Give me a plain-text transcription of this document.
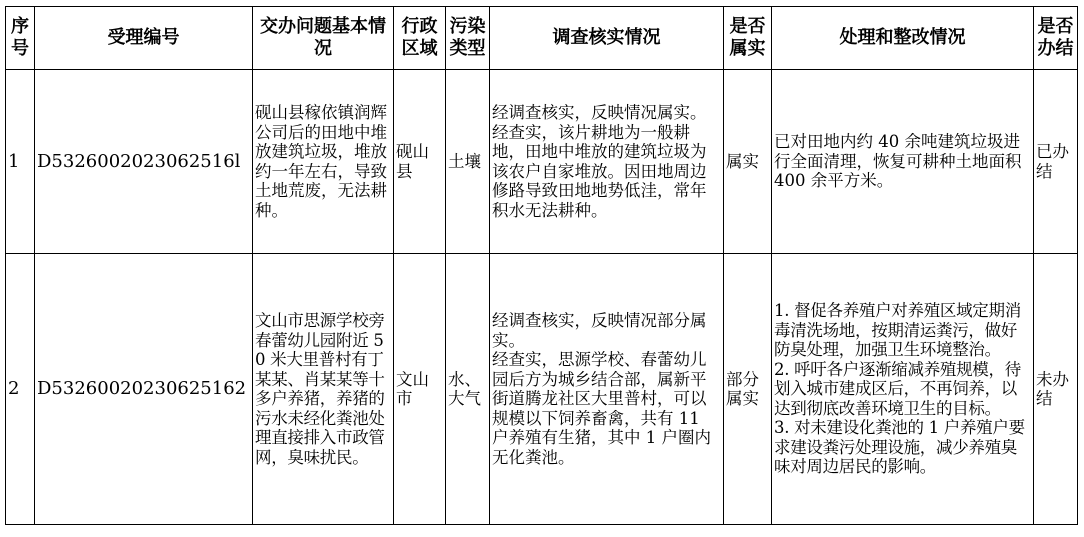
序号	受理编号	交办问题基本情况	行政区域	污染类型	调查核实情况	是否属实	处理和整改情况	是否办结
1	D5326002023062516l	砚山县稼依镇润辉公司后的田地中堆放建筑垃圾，堆放约一年左右，导致土地荒废，无法耕种。	砚山县	土壤	经调查核实，反映情况属实。
经查实，该片耕地为一般耕地，田地中堆放的建筑垃圾为该农户自家堆放。因田地周边修路导致田地地势低洼，常年积水无法耕种。	属实	已对田地内约 40 余吨建筑垃圾进行全面清理，恢复可耕种土地面积 400 余平方米。	已办结
2	D53260020230625162	文山市思源学校旁春蕾幼儿园附近 50 米大里普村有丁某某、肖某某等十多户养猪，养猪的污水未经化粪池处理直接排入市政管网，臭味扰民。	文山市	水、大气	经调查核实，反映情况部分属实。
经查实，思源学校、春蕾幼儿园后方为城乡结合部，属新平街道腾龙社区大里普村，可以规模以下饲养畜禽，共有 11 户养殖有生猪，其中 1 户圈内无化粪池。	部分属实	1. 督促各养殖户对养殖区域定期消毒清洗场地，按期清运粪污，做好防臭处理，加强卫生环境整治。
2. 呼吁各户逐渐缩减养殖规模，待划入城市建成区后，不再饲养，以达到彻底改善环境卫生的目标。
3. 对未建设化粪池的 1 户养殖户要求建设粪污处理设施，减少养殖臭味对周边居民的影响。	未办结
